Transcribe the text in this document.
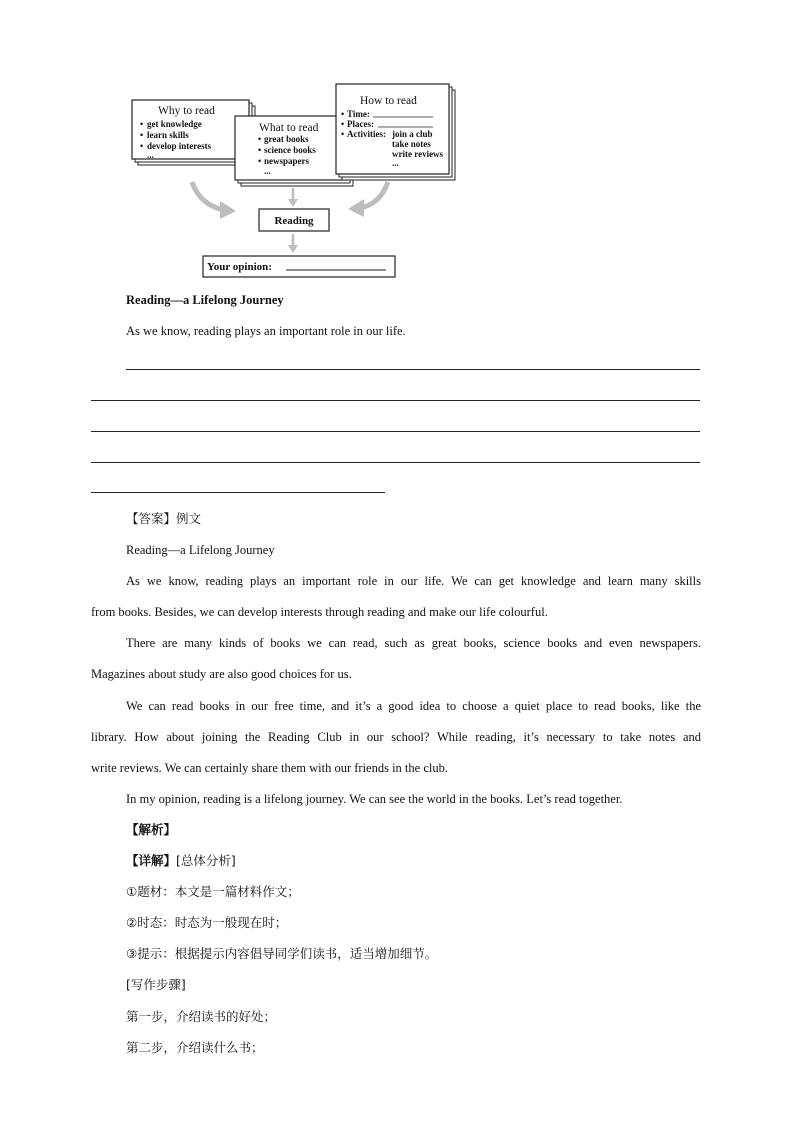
Why to read
• get knowledge
• learn skills
• develop interests
...
What to read
• great books
• science books
• newspapers
...
How to read
• Time:
• Places:
• Activities: join a club
take notes
write reviews
...
Reading
Your opinion:
Reading—a Lifelong Journey
As we know, reading plays an important role in our life.
【答案】例文
Reading—a Lifelong Journey
As we know, reading plays an important role in our life. We can get knowledge and learn many skills
from books. Besides, we can develop interests through reading and make our life colourful.
There are many kinds of books we can read, such as great books, science books and even newspapers.
Magazines about study are also good choices for us.
We can read books in our free time, and it’s a good idea to choose a quiet place to read books, like the
library. How about joining the Reading Club in our school? While reading, it’s necessary to take notes and
write reviews. We can certainly share them with our friends in the club.
In my opinion, reading is a lifelong journey. We can see the world in the books. Let’s read together.
【解析】
【详解】[总体分析]
①题材：本文是一篇材料作文；
②时态：时态为一般现在时；
③提示：根据提示内容倡导同学们读书，适当增加细节。
[写作步骤]
第一步，介绍读书的好处；
第二步，介绍读什么书；
